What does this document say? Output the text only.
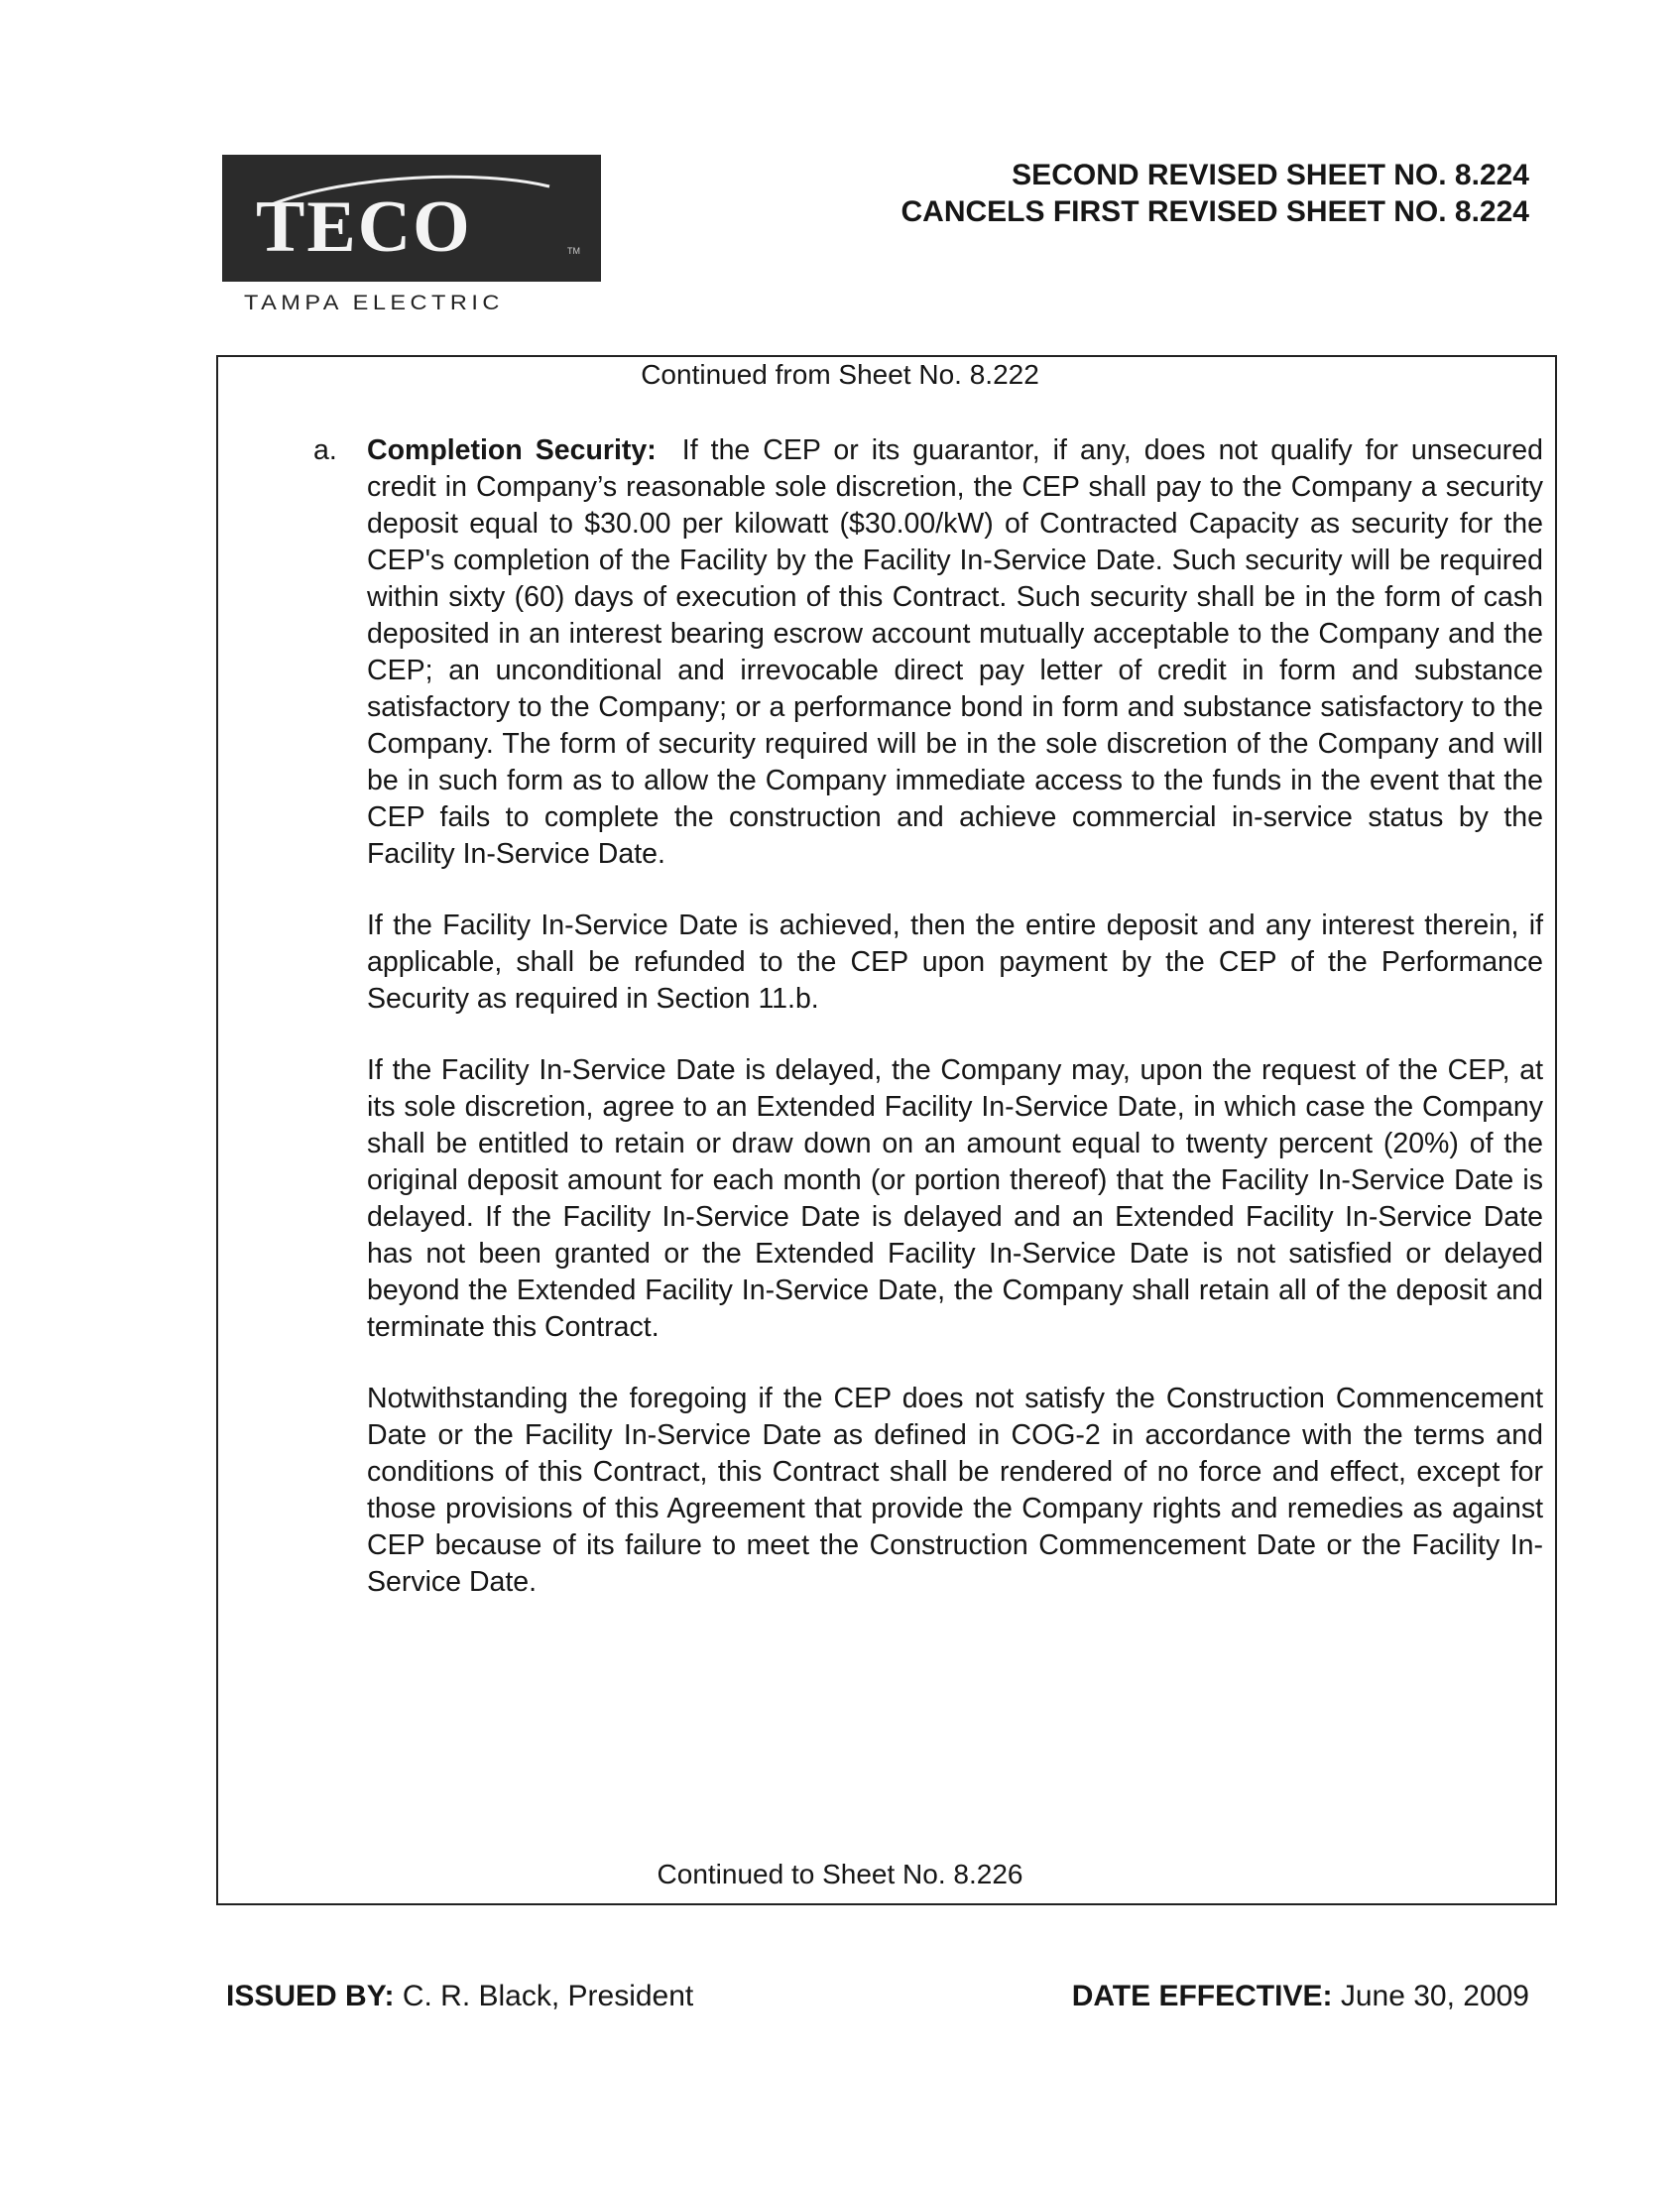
TECO	TM
TAMPA ELECTRIC
SECOND REVISED SHEET NO. 8.224
CANCELS FIRST REVISED SHEET NO. 8.224
Continued from Sheet No. 8.222
a. Completion Security: If the CEP or its guarantor, if any, does not qualify for unsecured credit in Company’s reasonable sole discretion, the CEP shall pay to the Company a security deposit equal to $30.00 per kilowatt ($30.00/kW) of Contracted Capacity as security for the CEP's completion of the Facility by the Facility In-Service Date. Such security will be required within sixty (60) days of execution of this Contract. Such security shall be in the form of cash deposited in an interest bearing escrow account mutually acceptable to the Company and the CEP; an unconditional and irrevocable direct pay letter of credit in form and substance satisfactory to the Company; or a performance bond in form and substance satisfactory to the Company. The form of security required will be in the sole discretion of the Company and will be in such form as to allow the Company immediate access to the funds in the event that the CEP fails to complete the construction and achieve commercial in-service status by the Facility In-Service Date.

If the Facility In-Service Date is achieved, then the entire deposit and any interest therein, if applicable, shall be refunded to the CEP upon payment by the CEP of the Performance Security as required in Section 11.b.

If the Facility In-Service Date is delayed, the Company may, upon the request of the CEP, at its sole discretion, agree to an Extended Facility In-Service Date, in which case the Company shall be entitled to retain or draw down on an amount equal to twenty percent (20%) of the original deposit amount for each month (or portion thereof) that the Facility In-Service Date is delayed. If the Facility In-Service Date is delayed and an Extended Facility In-Service Date has not been granted or the Extended Facility In-Service Date is not satisfied or delayed beyond the Extended Facility In-Service Date, the Company shall retain all of the deposit and terminate this Contract.

Notwithstanding the foregoing if the CEP does not satisfy the Construction Commencement Date or the Facility In-Service Date as defined in COG-2 in accordance with the terms and conditions of this Contract, this Contract shall be rendered of no force and effect, except for those provisions of this Agreement that provide the Company rights and remedies as against CEP because of its failure to meet the Construction Commencement Date or the Facility In-Service Date.

Continued to Sheet No. 8.226
ISSUED BY: C. R. Black, President	DATE EFFECTIVE: June 30, 2009
